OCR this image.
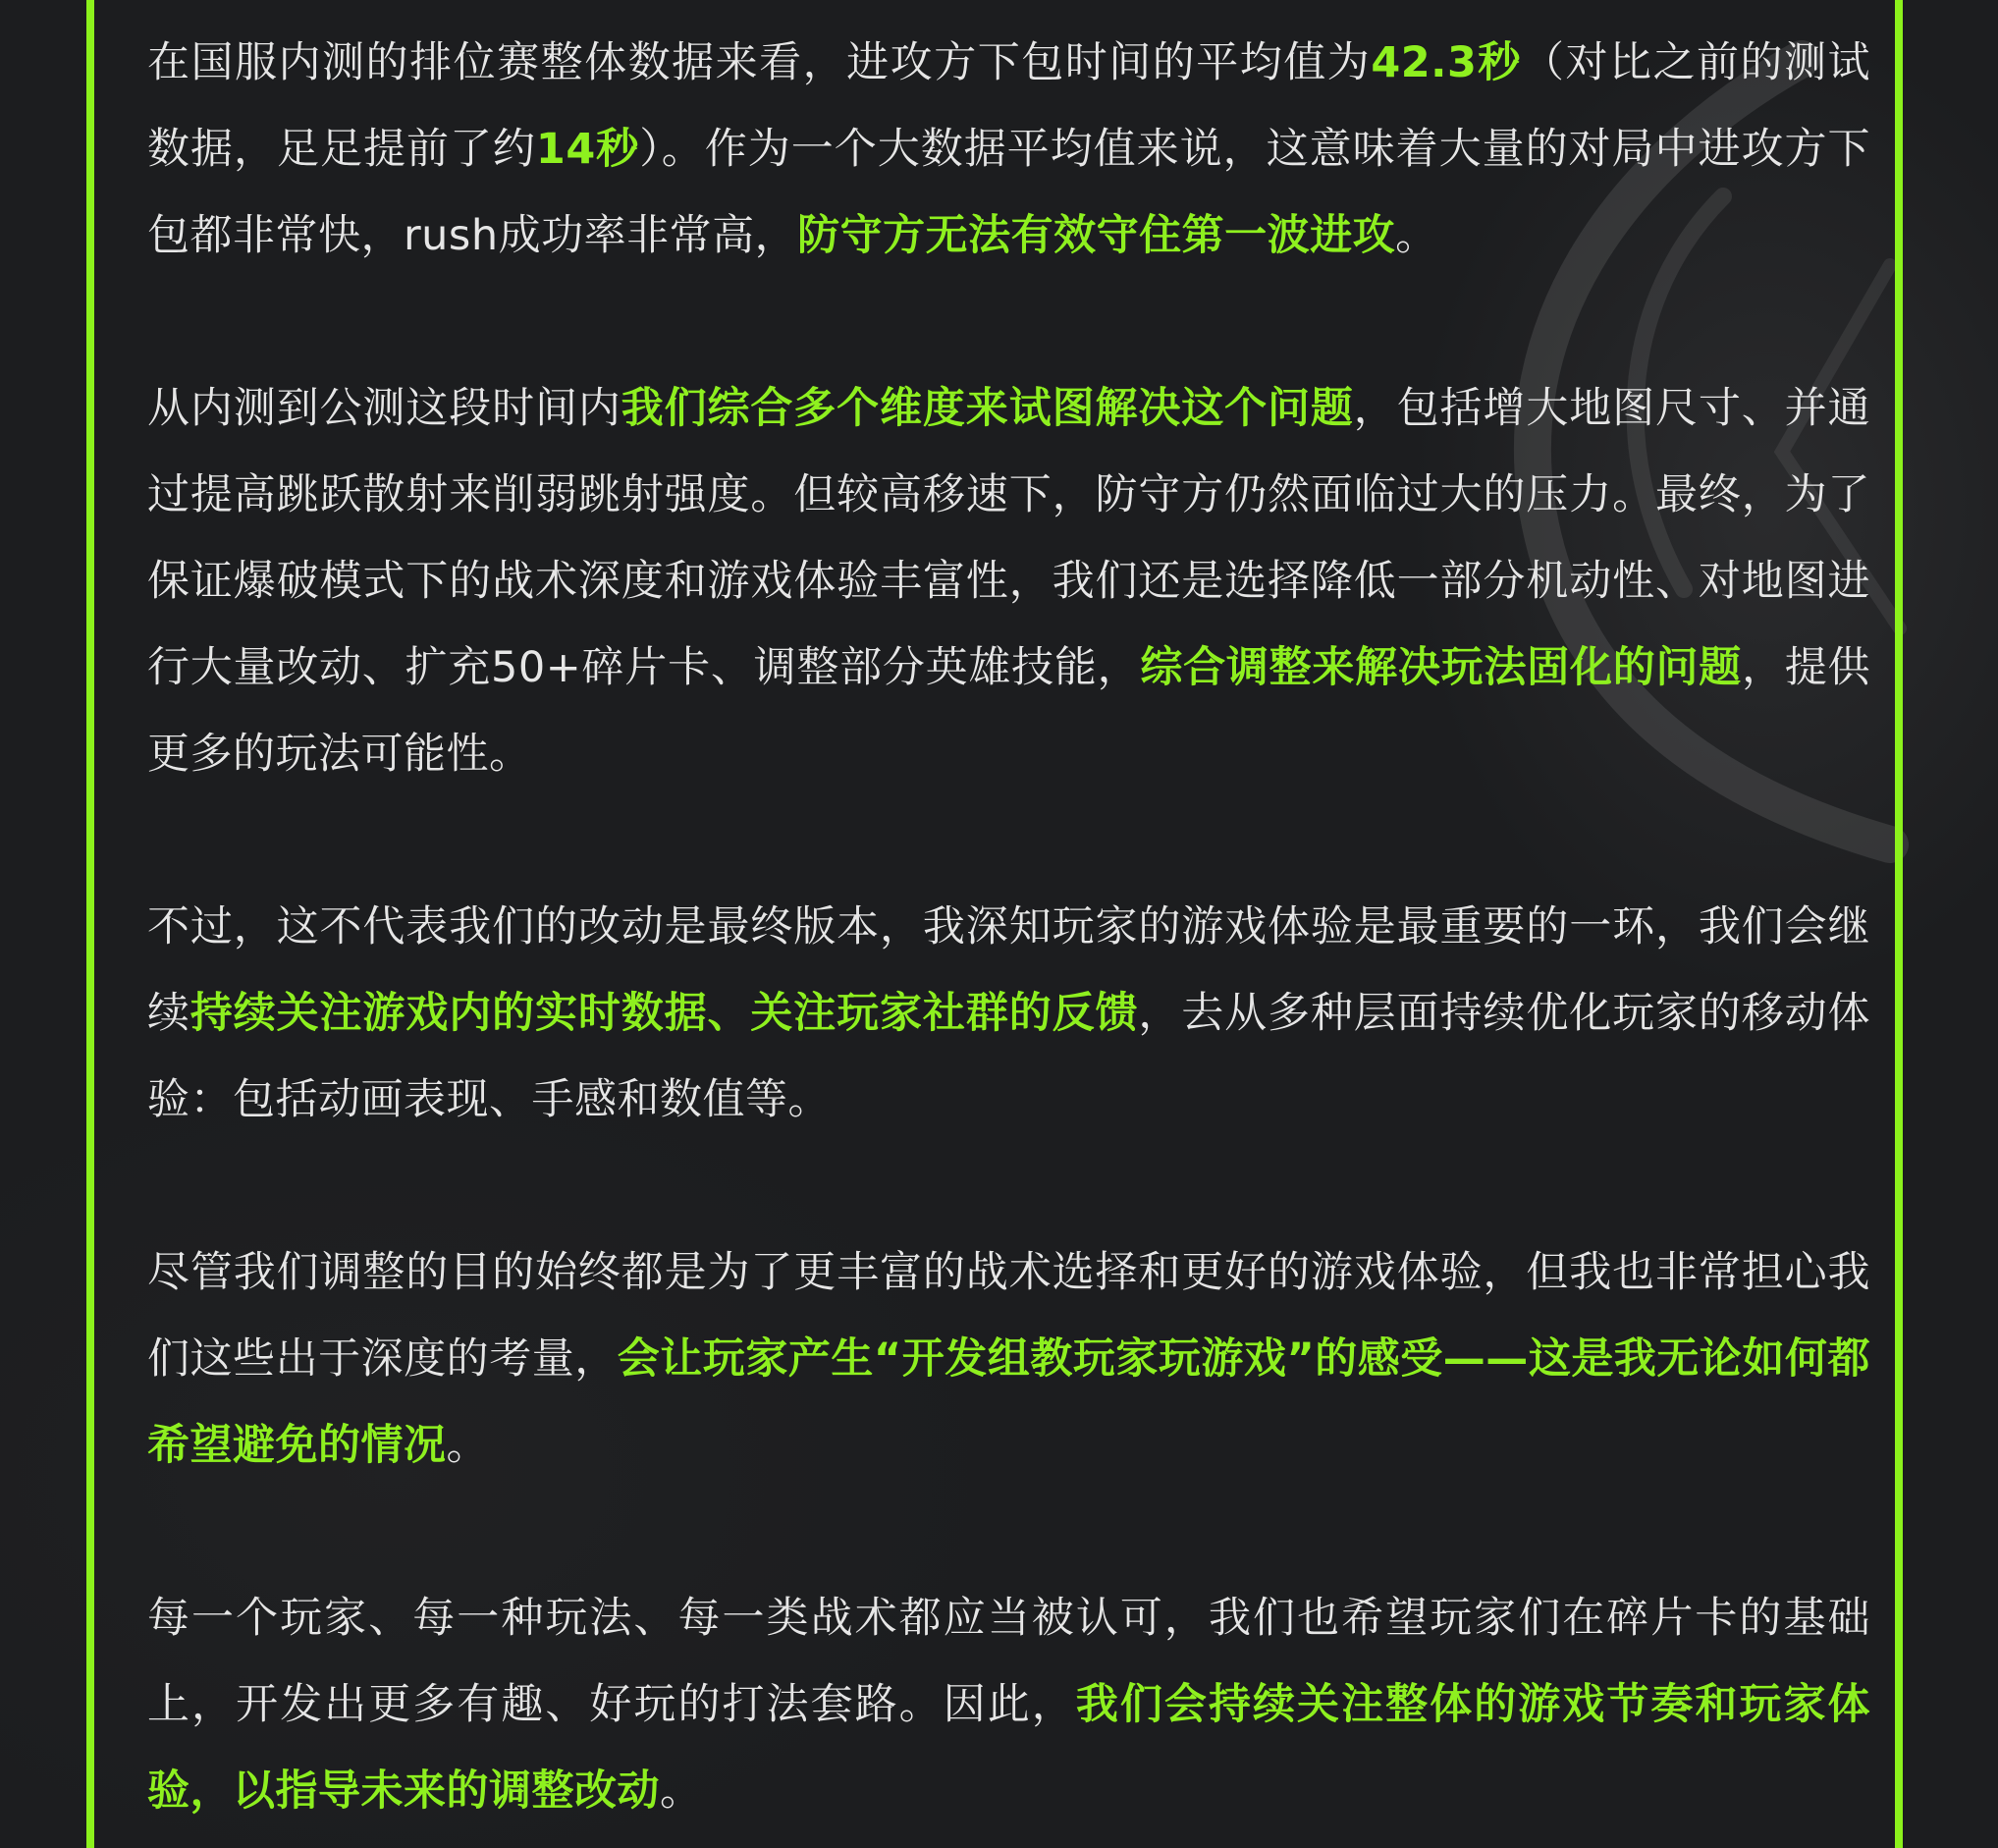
在国服内测的排位赛整体数据来看，进攻方下包时间的平均值为42.3秒（对比之前的测试数据，足足提前了约14秒）。作为一个大数据平均值来说，这意味着大量的对局中进攻方下包都非常快，rush成功率非常高，防守方无法有效守住第一波进攻。

从内测到公测这段时间内我们综合多个维度来试图解决这个问题，包括增大地图尺寸、并通过提高跳跃散射来削弱跳射强度。但较高移速下，防守方仍然面临过大的压力。最终，为了保证爆破模式下的战术深度和游戏体验丰富性，我们还是选择降低一部分机动性、对地图进行大量改动、扩充50+碎片卡、调整部分英雄技能，综合调整来解决玩法固化的问题，提供更多的玩法可能性。

不过，这不代表我们的改动是最终版本，我深知玩家的游戏体验是最重要的一环，我们会继续持续关注游戏内的实时数据、关注玩家社群的反馈，去从多种层面持续优化玩家的移动体验：包括动画表现、手感和数值等。

尽管我们调整的目的始终都是为了更丰富的战术选择和更好的游戏体验，但我也非常担心我们这些出于深度的考量，会让玩家产生“开发组教玩家玩游戏”的感受——这是我无论如何都希望避免的情况。

每一个玩家、每一种玩法、每一类战术都应当被认可，我们也希望玩家们在碎片卡的基础上，开发出更多有趣、好玩的打法套路。因此，我们会持续关注整体的游戏节奏和玩家体验，以指导未来的调整改动。
